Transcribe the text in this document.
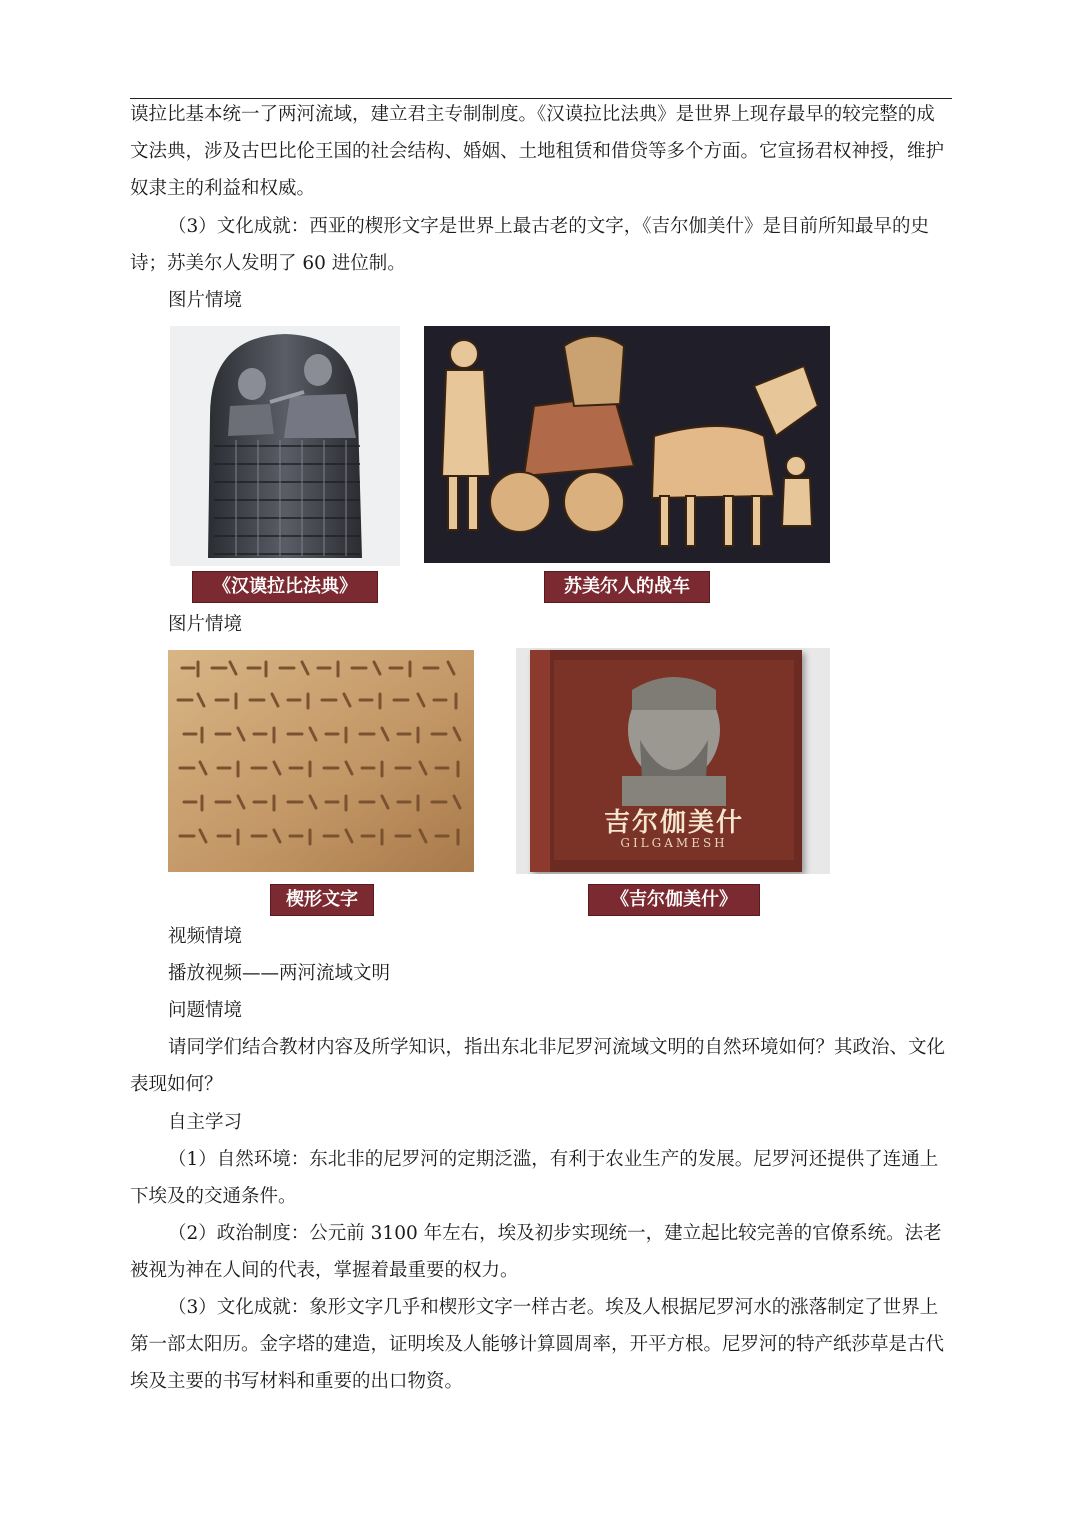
谟拉比基本统一了两河流域，建立君主专制制度。《汉谟拉比法典》是世界上现存最早的较完整的成文法典，涉及古巴比伦王国的社会结构、婚姻、土地租赁和借贷等多个方面。它宣扬君权神授，维护奴隶主的利益和权威。

（3）文化成就：西亚的楔形文字是世界上最古老的文字，《吉尔伽美什》是目前所知最早的史诗；苏美尔人发明了 60 进位制。

图片情境

《汉谟拉比法典》	苏美尔人的战车

图片情境

吉尔伽美什
GILGAMESH
楔形文字	《吉尔伽美什》

视频情境

播放视频——两河流域文明

问题情境

请同学们结合教材内容及所学知识，指出东北非尼罗河流域文明的自然环境如何？其政治、文化表现如何？

自主学习

（1）自然环境：东北非的尼罗河的定期泛滥，有利于农业生产的发展。尼罗河还提供了连通上下埃及的交通条件。

（2）政治制度：公元前 3100 年左右，埃及初步实现统一，建立起比较完善的官僚系统。法老被视为神在人间的代表，掌握着最重要的权力。

（3）文化成就：象形文字几乎和楔形文字一样古老。埃及人根据尼罗河水的涨落制定了世界上第一部太阳历。金字塔的建造，证明埃及人能够计算圆周率，开平方根。尼罗河的特产纸莎草是古代埃及主要的书写材料和重要的出口物资。
